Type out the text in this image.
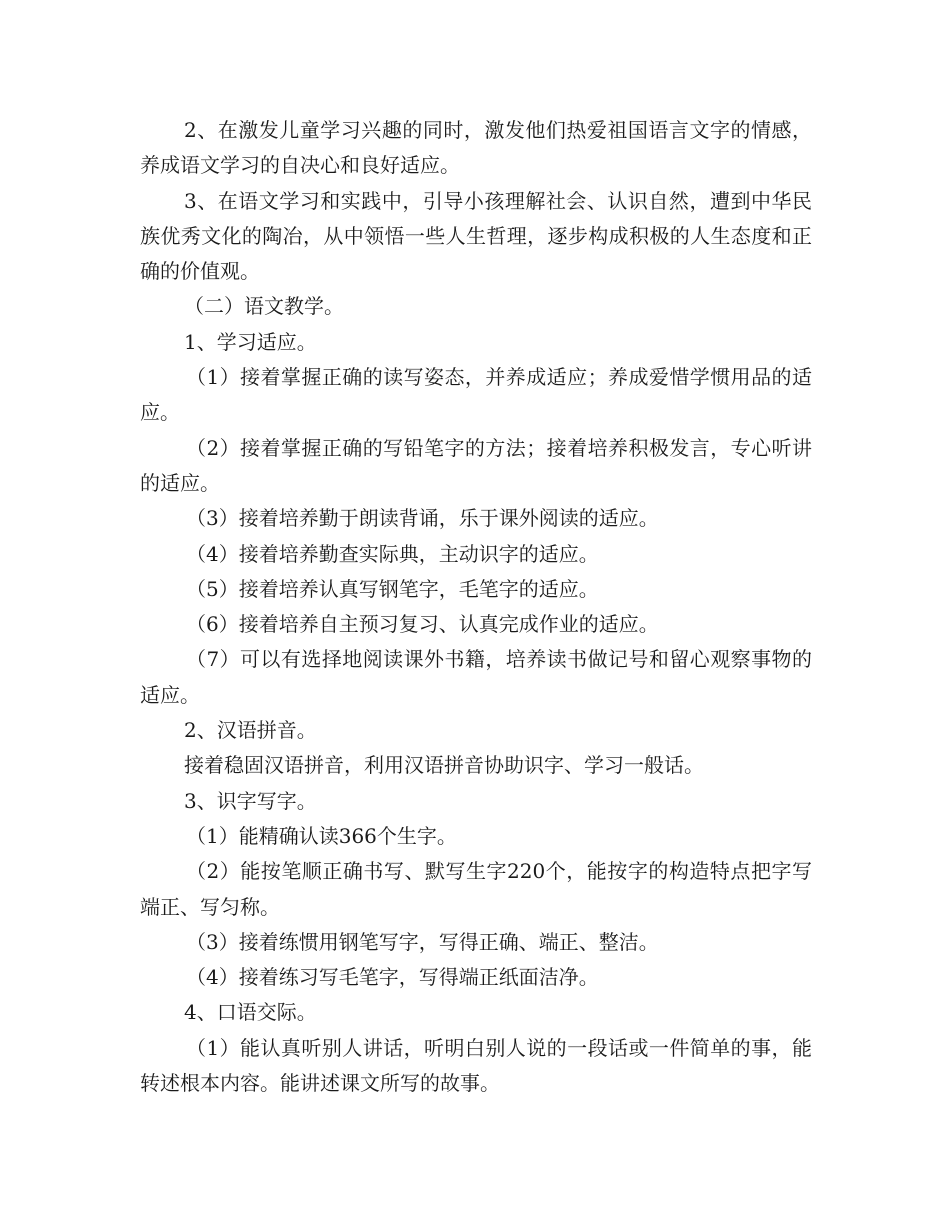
2、在激发儿童学习兴趣的同时，激发他们热爱祖国语言文字的情感，养成语文学习的自决心和良好适应。

3、在语文学习和实践中，引导小孩理解社会、认识自然，遭到中华民族优秀文化的陶冶，从中领悟一些人生哲理，逐步构成积极的人生态度和正确的价值观。

（二）语文教学。

1、学习适应。

（1）接着掌握正确的读写姿态，并养成适应；养成爱惜学惯用品的适应。

（2）接着掌握正确的写铅笔字的方法；接着培养积极发言，专心听讲的适应。

（3）接着培养勤于朗读背诵，乐于课外阅读的适应。

（4）接着培养勤查实际典，主动识字的适应。

（5）接着培养认真写钢笔字，毛笔字的适应。

（6）接着培养自主预习复习、认真完成作业的适应。

（7）可以有选择地阅读课外书籍，培养读书做记号和留心观察事物的适应。

2、汉语拼音。

接着稳固汉语拼音，利用汉语拼音协助识字、学习一般话。

3、识字写字。

（1）能精确认读366个生字。

（2）能按笔顺正确书写、默写生字220个，能按字的构造特点把字写端正、写匀称。

（3）接着练惯用钢笔写字，写得正确、端正、整洁。

（4）接着练习写毛笔字，写得端正纸面洁净。

4、口语交际。

（1）能认真听别人讲话，听明白别人说的一段话或一件简单的事，能转述根本内容。能讲述课文所写的故事。
